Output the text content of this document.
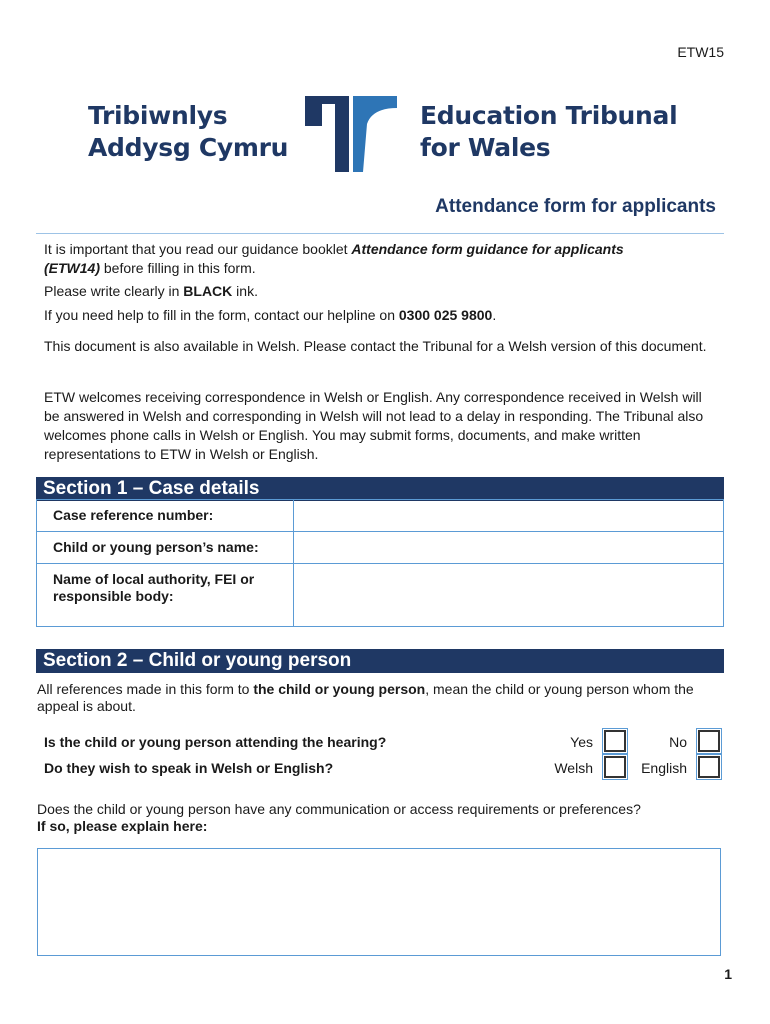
ETW15
Tribiwnlys
Addysg Cymru
Education Tribunal
for Wales
Attendance form for applicants
It is important that you read our guidance booklet Attendance form guidance for applicants
(ETW14) before filling in this form.
Please write clearly in BLACK ink.
If you need help to fill in the form, contact our helpline on 0300 025 9800.
This document is also available in Welsh. Please contact the Tribunal for a Welsh version of this document.
ETW welcomes receiving correspondence in Welsh or English. Any correspondence received in Welsh will be answered in Welsh and corresponding in Welsh will not lead to a delay in responding. The Tribunal also welcomes phone calls in Welsh or English. You may submit forms, documents, and make written representations to ETW in Welsh or English.
Section 1 – Case details
Case reference number:	
Child or young person’s name:	
Name of local authority, FEI or responsible body:	
Section 2 – Child or young person
All references made in this form to the child or young person, mean the child or young person whom the appeal is about.
Is the child or young person attending the hearing?	Yes	No
Do they wish to speak in Welsh or English?	Welsh	English
Does the child or young person have any communication or access requirements or preferences?
If so, please explain here:
1
